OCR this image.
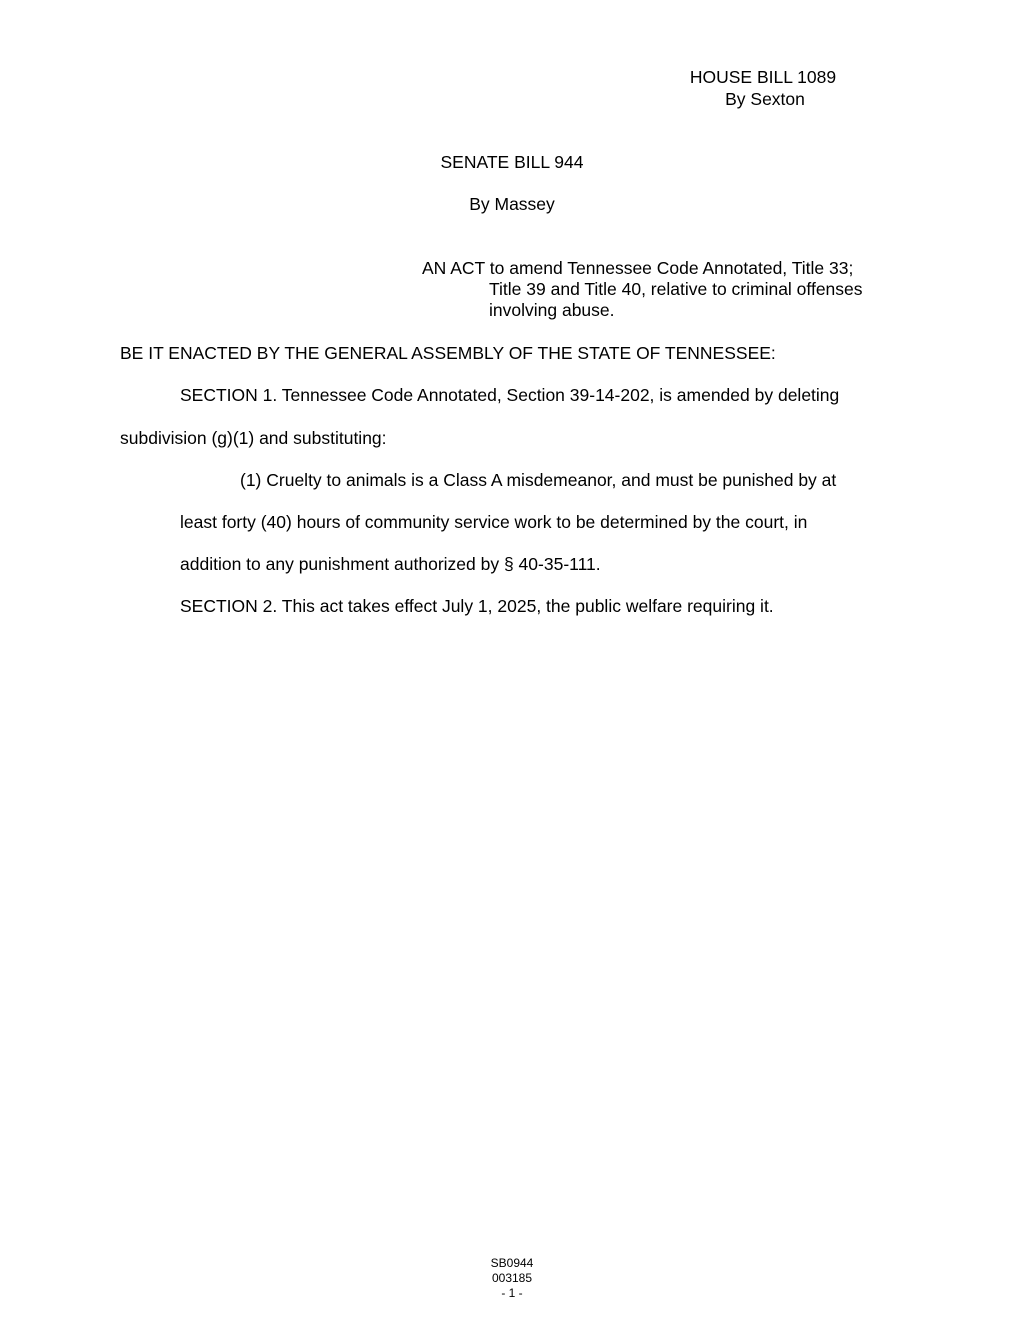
HOUSE BILL 1089
By Sexton
SENATE BILL 944
By Massey
AN ACT to amend Tennessee Code Annotated, Title 33;
Title 39 and Title 40, relative to criminal offenses
involving abuse.
BE IT ENACTED BY THE GENERAL ASSEMBLY OF THE STATE OF TENNESSEE:
SECTION 1. Tennessee Code Annotated, Section 39-14-202, is amended by deleting
subdivision (g)(1) and substituting:
(1) Cruelty to animals is a Class A misdemeanor, and must be punished by at
least forty (40) hours of community service work to be determined by the court, in
addition to any punishment authorized by § 40-35-111.
SECTION 2. This act takes effect July 1, 2025, the public welfare requiring it.
SB0944
003185
- 1 -
